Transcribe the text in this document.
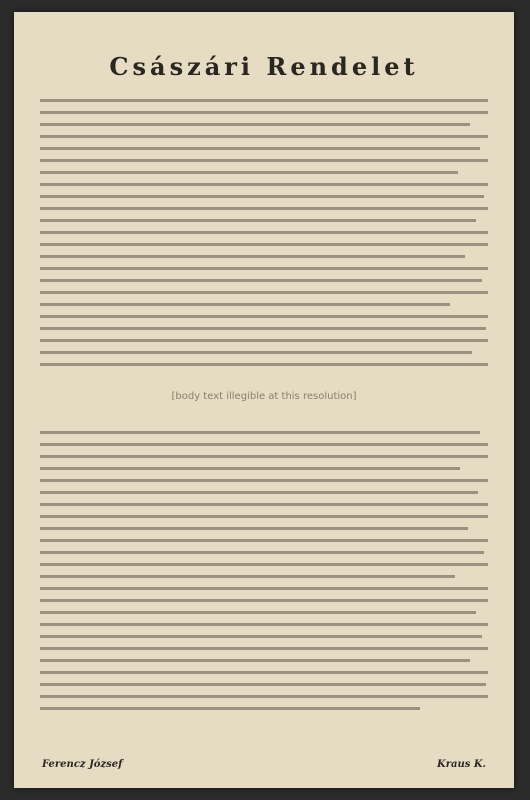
Császári Rendelet
[body text illegible at this resolution]
Ferencz József	Kraus K.
